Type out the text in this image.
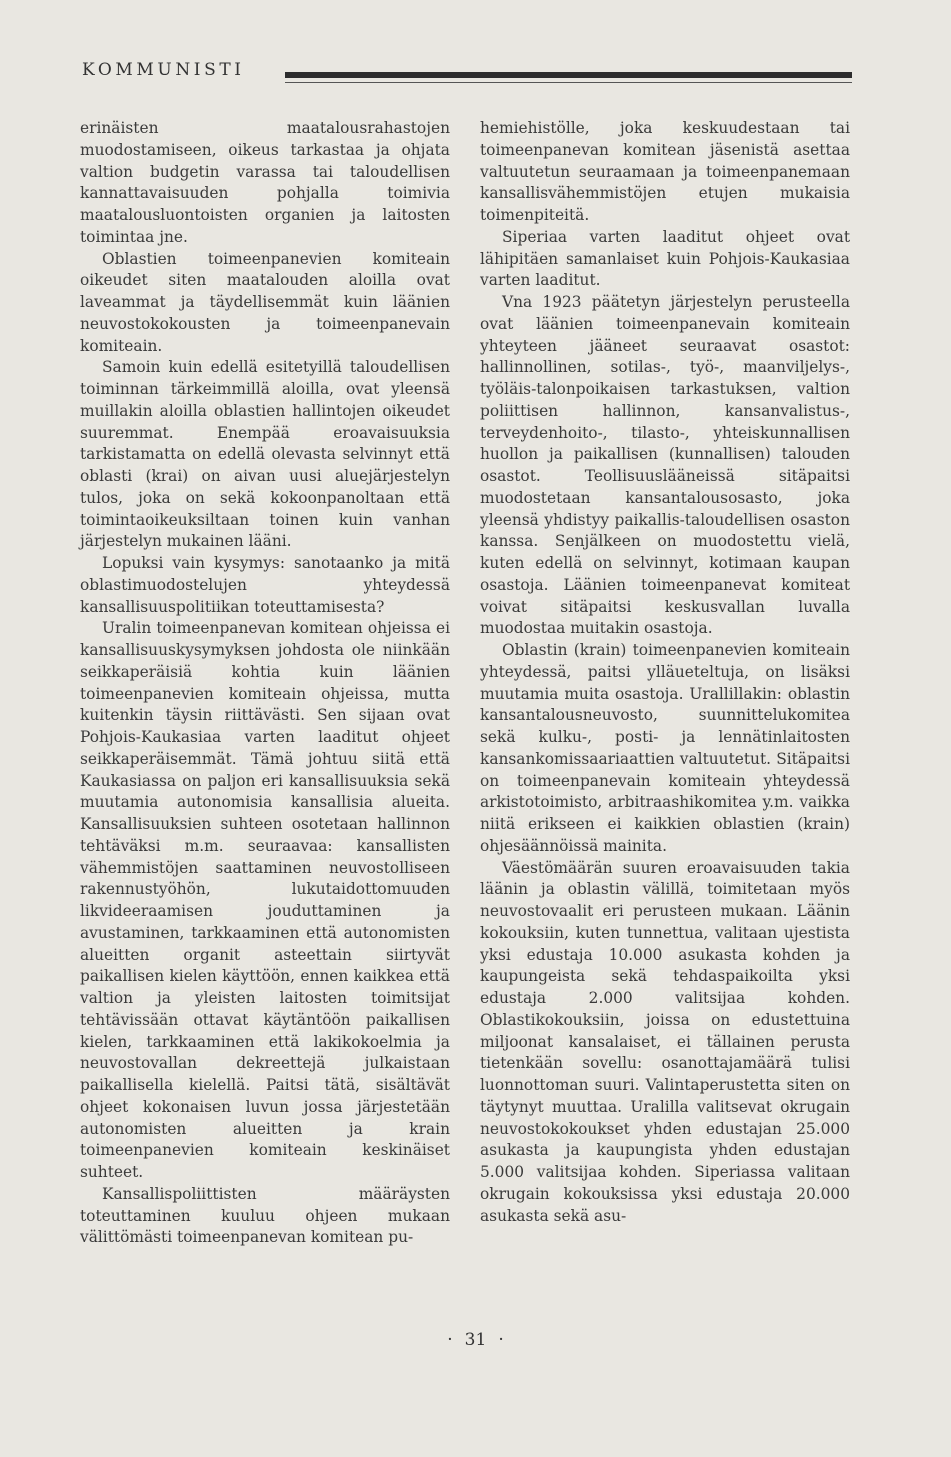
KOMMUNISTI

erinäisten maatalousrahastojen muodostamiseen, oikeus tarkastaa ja ohjata valtion budgetin varassa tai taloudellisen kannattavaisuuden pohjalla toimivia maatalousluontoisten organien ja laitosten toimintaa jne.

Oblastien toimeenpanevien komiteain oikeudet siten maatalouden aloilla ovat laveammat ja täydellisemmät kuin läänien neuvostokokousten ja toimeenpanevain komiteain.

Samoin kuin edellä esitetyillä taloudellisen toiminnan tärkeimmillä aloilla, ovat yleensä muillakin aloilla oblastien hallintojen oikeudet suuremmat. Enempää eroavaisuuksia tarkistamatta on edellä olevasta selvinnyt että oblasti (krai) on aivan uusi aluejärjestelyn tulos, joka on sekä kokoonpanoltaan että toimintaoikeuksiltaan toinen kuin vanhan järjestelyn mukainen lääni.

Lopuksi vain kysymys: sanotaanko ja mitä oblastimuodostelujen yhteydessä kansallisuuspolitiikan toteuttamisesta?

Uralin toimeenpanevan komitean ohjeissa ei kansallisuuskysymyksen johdosta ole niinkään seikkaperäisiä kohtia kuin läänien toimeenpanevien komiteain ohjeissa, mutta kuitenkin täysin riittävästi. Sen sijaan ovat Pohjois-Kaukasiaa varten laaditut ohjeet seikkaperäisemmät. Tämä johtuu siitä että Kaukasiassa on paljon eri kansallisuuksia sekä muutamia autonomisia kansallisia alueita. Kansallisuuksien suhteen osotetaan hallinnon tehtäväksi m.m. seuraavaa: kansallisten vähemmistöjen saattaminen neuvostolliseen rakennustyöhön, lukutaidottomuuden likvideeraamisen jouduttaminen ja avustaminen, tarkkaaminen että autonomisten alueitten organit asteettain siirtyvät paikallisen kielen käyttöön, ennen kaikkea että valtion ja yleisten laitosten toimitsijat tehtävissään ottavat käytäntöön paikallisen kielen, tarkkaaminen että lakikokoelmia ja neuvostovallan dekreettejä julkaistaan paikallisella kielellä. Paitsi tätä, sisältävät ohjeet kokonaisen luvun jossa järjestetään autonomisten alueitten ja krain toimeenpanevien komiteain keskinäiset suhteet.

Kansallispoliittisten määräysten toteuttaminen kuuluu ohjeen mukaan välittömästi toimeenpanevan komitean pu-

hemiehistölle, joka keskuudestaan tai toimeenpanevan komitean jäsenistä asettaa valtuutetun seuraamaan ja toimeenpanemaan kansallisvähemmistöjen etujen mukaisia toimenpiteitä.

Siperiaa varten laaditut ohjeet ovat lähipitäen samanlaiset kuin Pohjois-Kaukasiaa varten laaditut.

Vna 1923 päätetyn järjestelyn perusteella ovat läänien toimeenpanevain komiteain yhteyteen jääneet seuraavat osastot: hallinnollinen, sotilas-, työ-, maanviljelys-, työläis-talonpoikaisen tarkastuksen, valtion poliittisen hallinnon, kansanvalistus-, terveydenhoito-, tilasto-, yhteiskunnallisen huollon ja paikallisen (kunnallisen) talouden osastot. Teollisuuslääneissä sitäpaitsi muodostetaan kansantalousosasto, joka yleensä yhdistyy paikallis-taloudellisen osaston kanssa. Senjälkeen on muodostettu vielä, kuten edellä on selvinnyt, kotimaan kaupan osastoja. Läänien toimeenpanevat komiteat voivat sitäpaitsi keskusvallan luvalla muodostaa muitakin osastoja.

Oblastin (krain) toimeenpanevien komiteain yhteydessä, paitsi ylläueteltuja, on lisäksi muutamia muita osastoja. Urallillakin: oblastin kansantalousneuvosto, suunnittelukomitea sekä kulku-, posti- ja lennätinlaitosten kansankomissaariaattien valtuutetut. Sitäpaitsi on toimeenpanevain komiteain yhteydessä arkistotoimisto, arbitraashikomitea y.m. vaikka niitä erikseen ei kaikkien oblastien (krain) ohjesäännöissä mainita.

Väestömäärän suuren eroavaisuuden takia läänin ja oblastin välillä, toimitetaan myös neuvostovaalit eri perusteen mukaan. Läänin kokouksiin, kuten tunnettua, valitaan ujestista yksi edustaja 10.000 asukasta kohden ja kaupungeista sekä tehdaspaikoilta yksi edustaja 2.000 valitsijaa kohden. Oblastikokouksiin, joissa on edustettuina miljoonat kansalaiset, ei tällainen perusta tietenkään sovellu: osanottajamäärä tulisi luonnottoman suuri. Valintaperustetta siten on täytynyt muuttaa. Uralilla valitsevat okrugain neuvostokokoukset yhden edustajan 25.000 asukasta ja kaupungista yhden edustajan 5.000 valitsijaa kohden. Siperiassa valitaan okrugain kokouksissa yksi edustaja 20.000 asukasta sekä asu-

· 31 ·
